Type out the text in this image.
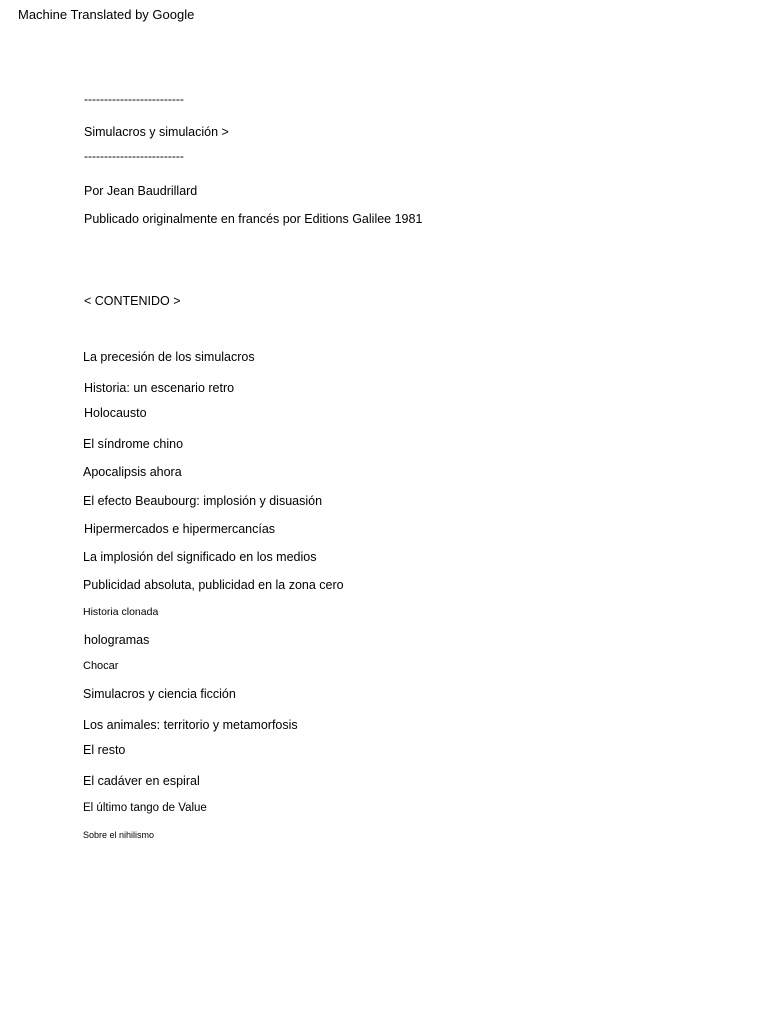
Machine Translated by Google
-------------------------
Simulacros y simulación >
-------------------------
Por Jean Baudrillard
Publicado originalmente en francés por Editions Galilee 1981
< CONTENIDO >
La precesión de los simulacros
Historia: un escenario retro
Holocausto
El síndrome chino
Apocalipsis ahora
El efecto Beaubourg: implosión y disuasión
Hipermercados e hipermercancías
La implosión del significado en los medios
Publicidad absoluta, publicidad en la zona cero
Historia clonada
hologramas
Chocar
Simulacros y ciencia ficción
Los animales: territorio y metamorfosis
El resto
El cadáver en espiral
El último tango de Value
Sobre el nihilismo
